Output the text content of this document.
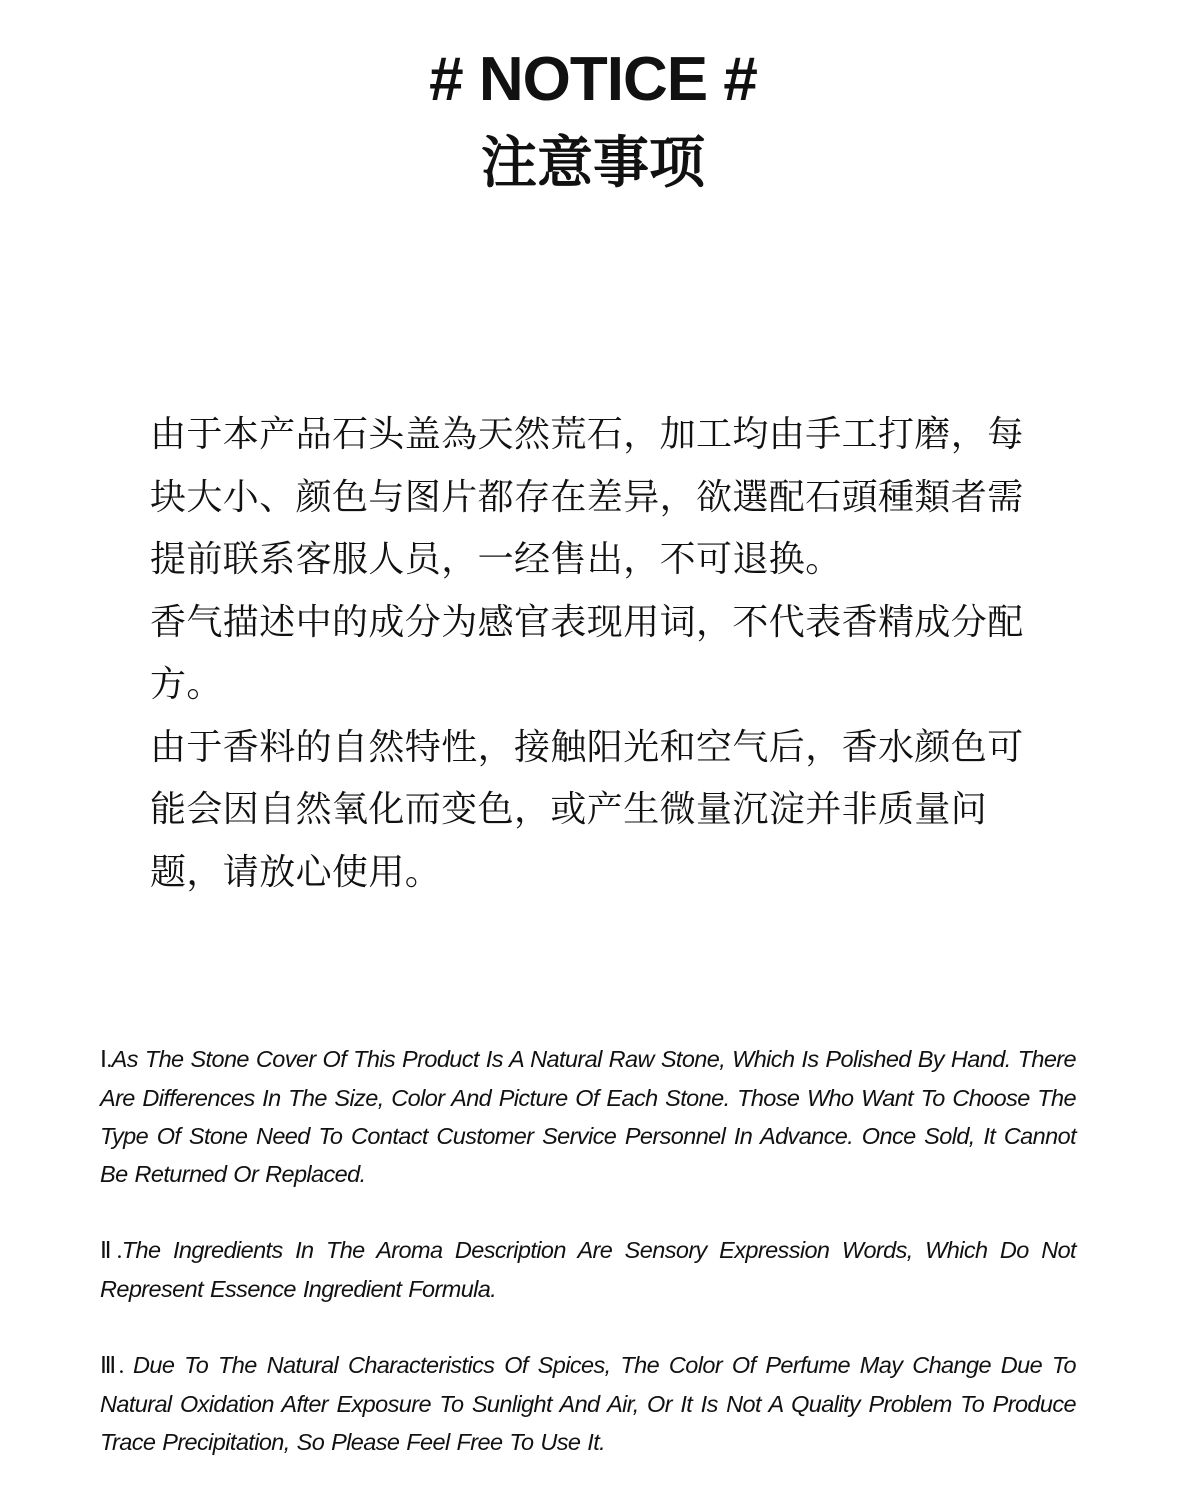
# NOTICE #
注意事项

由于本产品石头盖為天然荒石，加工均由手工打磨，每块大小、颜色与图片都存在差异，欲選配石頭種類者需提前联系客服人员，一经售出，不可退换。

香气描述中的成分为感官表现用词，不代表香精成分配方。

由于香料的自然特性，接触阳光和空气后，香水颜色可能会因自然氧化而变色，或产生微量沉淀并非质量问题，请放心使用。

Ⅰ.As The Stone Cover Of This Product Is A Natural Raw Stone, Which Is Polished By Hand. There Are Differences In The Size, Color And Picture Of Each Stone. Those Who Want To Choose The Type Of Stone Need To Contact Customer Service Personnel In Advance. Once Sold, It Cannot Be Returned Or Replaced.

Ⅱ.The Ingredients In The Aroma Description Are Sensory Expression Words, Which Do Not Represent Essence Ingredient Formula.

Ⅲ. Due To The Natural Characteristics Of Spices, The Color Of Perfume May Change Due To Natural Oxidation After Exposure To Sunlight And Air, Or It Is Not A Quality Problem To Produce Trace Precipitation, So Please Feel Free To Use It.
